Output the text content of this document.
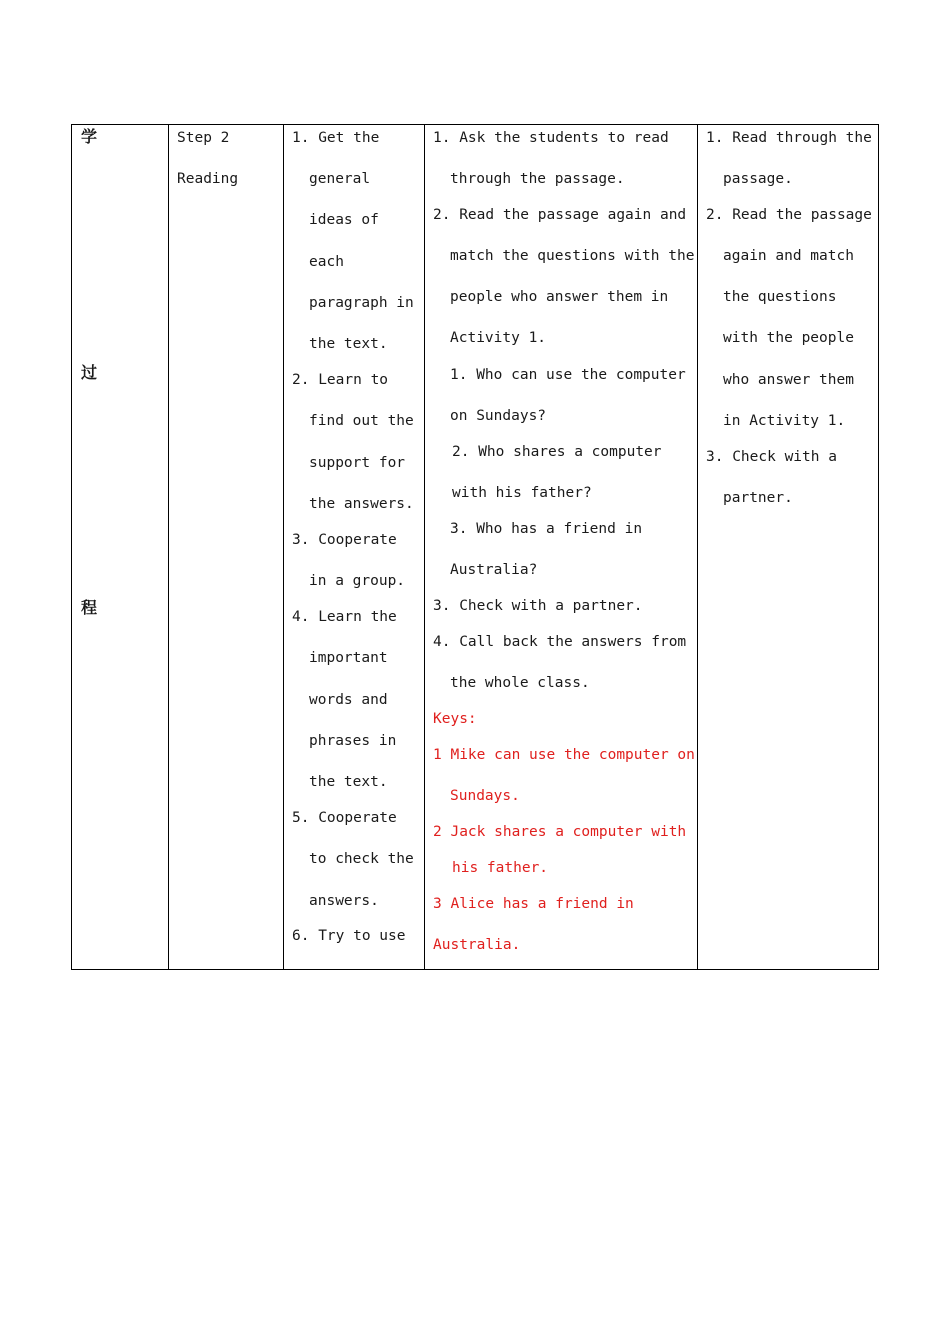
学
过
程
Step 2
Reading
1. Get the
general
ideas of
each
paragraph in
the text.
2. Learn to
find out the
support for
the answers.
3. Cooperate
in a group.
4. Learn the
important
words and
phrases in
the text.
5. Cooperate
to check the
answers.
6. Try to use
1. Ask the students to read
through the passage.
2. Read the passage again and
match the questions with the
people who answer them in
Activity 1.
1. Who can use the computer
on Sundays?
2. Who shares a computer
with his father?
3. Who has a friend in
Australia?
3. Check with a partner.
4. Call back the answers from
the whole class.
Keys:
1 Mike can use the computer on
Sundays.
2 Jack shares a computer with
his father.
3 Alice has a friend in
Australia.
1. Read through the
passage.
2. Read the passage
again and match
the questions
with the people
who answer them
in Activity 1.
3. Check with a
partner.
